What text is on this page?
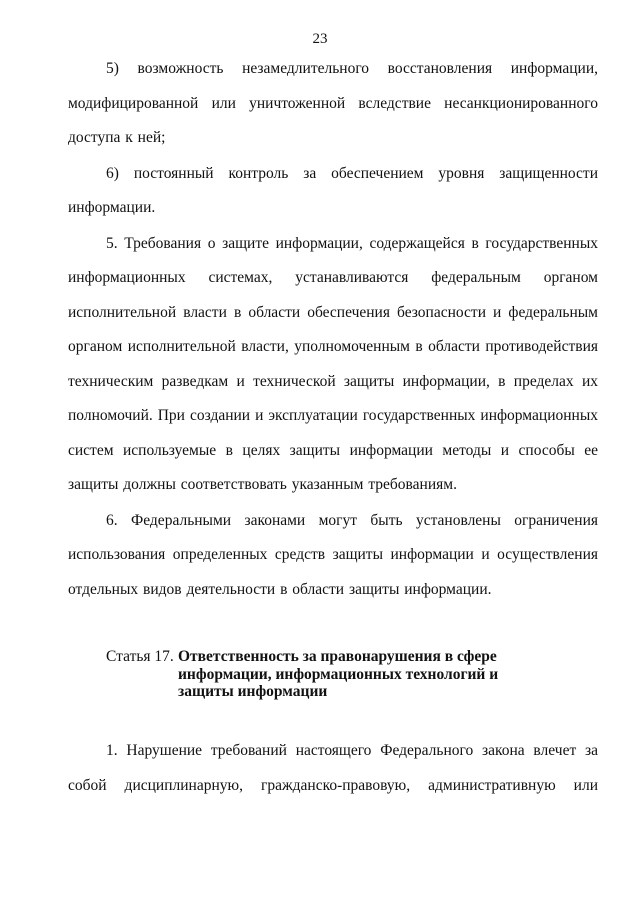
23

5) возможность незамедлительного восстановления информации, модифицированной или уничтоженной вследствие несанкционированного доступа к ней;

6) постоянный контроль за обеспечением уровня защищенности информации.

5. Требования о защите информации, содержащейся в государственных информационных системах, устанавливаются федеральным органом исполнительной власти в области обеспечения безопасности и федеральным органом исполнительной власти, уполномоченным в области противодействия техническим разведкам и технической защиты информации, в пределах их полномочий. При создании и эксплуатации государственных информационных систем используемые в целях защиты информации методы и способы ее защиты должны соответствовать указанным требованиям.

6. Федеральными законами могут быть установлены ограничения использования определенных средств защиты информации и осуществления отдельных видов деятельности в области защиты информации.

Статья 17. Ответственность за правонарушения в сфере информации, информационных технологий и защиты информации

1. Нарушение требований настоящего Федерального закона влечет за собой дисциплинарную, гражданско-правовую, административную или
